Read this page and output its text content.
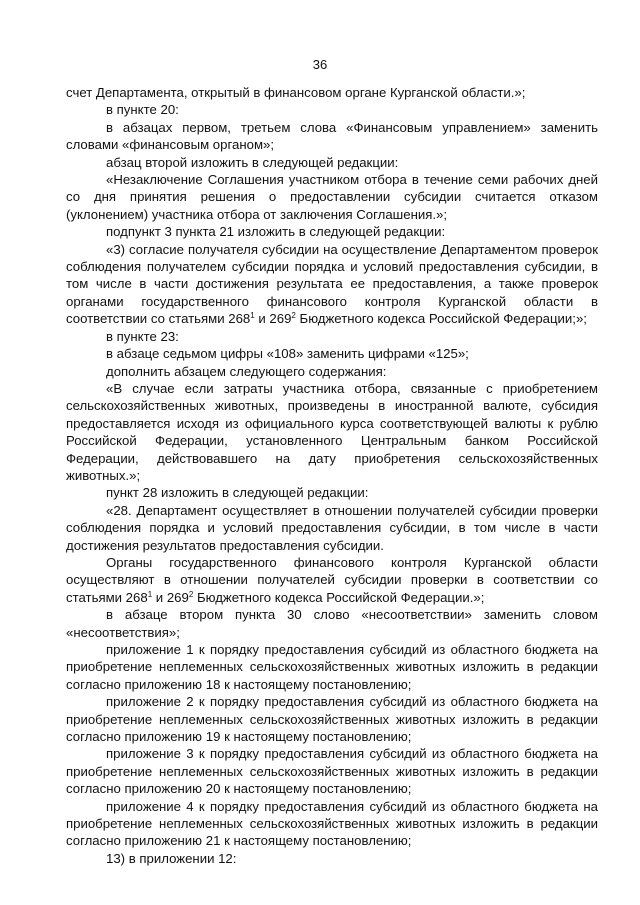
36

счет Департамента, открытый в финансовом органе Курганской области.»;

в пункте 20:

в абзацах первом, третьем слова «Финансовым управлением» заменить словами «финансовым органом»;

абзац второй изложить в следующей редакции:

«Незаключение Соглашения участником отбора в течение семи рабочих дней со дня принятия решения о предоставлении субсидии считается отказом (уклонением) участника отбора от заключения Соглашения.»;

подпункт 3 пункта 21 изложить в следующей редакции:

«3) согласие получателя субсидии на осуществление Департаментом проверок соблюдения получателем субсидии порядка и условий предоставления субсидии, в том числе в части достижения результата ее предоставления, а также проверок органами государственного финансового контроля Курганской области в соответствии со статьями $268^1$ и $269^2$ Бюджетного кодекса Российской Федерации;»;

в пункте 23:

в абзаце седьмом цифры «108» заменить цифрами «125»;

дополнить абзацем следующего содержания:

«В случае если затраты участника отбора, связанные с приобретением сельскохозяйственных животных, произведены в иностранной валюте, субсидия предоставляется исходя из официального курса соответствующей валюты к рублю Российской Федерации, установленного Центральным банком Российской Федерации, действовавшего на дату приобретения сельскохозяйственных животных.»;

пункт 28 изложить в следующей редакции:

«28. Департамент осуществляет в отношении получателей субсидии проверки соблюдения порядка и условий предоставления субсидии, в том числе в части достижения результатов предоставления субсидии.

Органы государственного финансового контроля Курганской области осуществляют в отношении получателей субсидии проверки в соответствии со статьями $268^1$ и $269^2$ Бюджетного кодекса Российской Федерации.»;

в абзаце втором пункта 30 слово «несоответствии» заменить словом «несоответствия»;

приложение 1 к порядку предоставления субсидий из областного бюджета на приобретение неплеменных сельскохозяйственных животных изложить в редакции согласно приложению 18 к настоящему постановлению;

приложение 2 к порядку предоставления субсидий из областного бюджета на приобретение неплеменных сельскохозяйственных животных изложить в редакции согласно приложению 19 к настоящему постановлению;

приложение 3 к порядку предоставления субсидий из областного бюджета на приобретение неплеменных сельскохозяйственных животных изложить в редакции согласно приложению 20 к настоящему постановлению;

приложение 4 к порядку предоставления субсидий из областного бюджета на приобретение неплеменных сельскохозяйственных животных изложить в редакции согласно приложению 21 к настоящему постановлению;

13) в приложении 12:
